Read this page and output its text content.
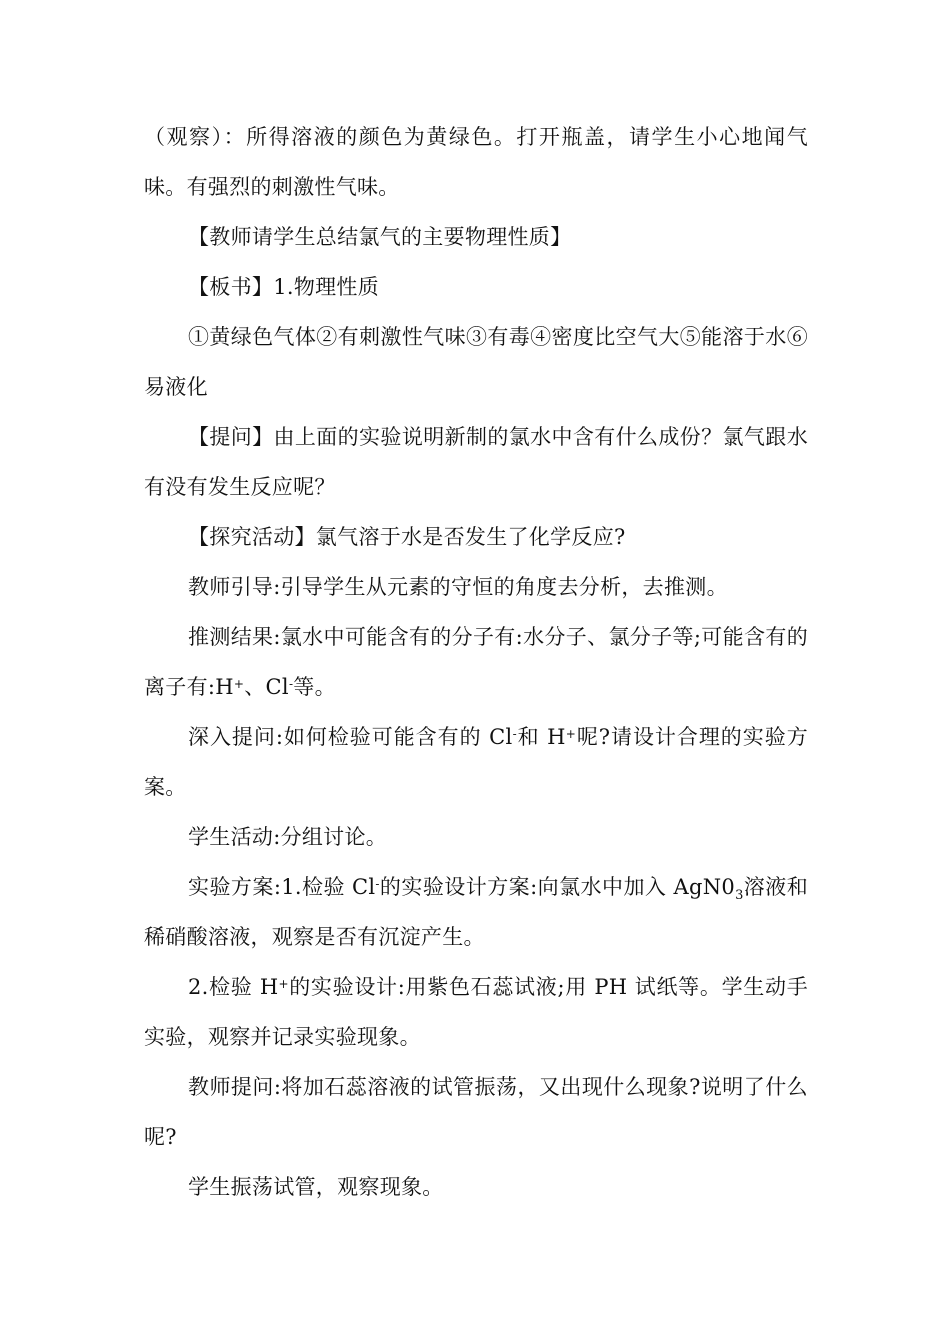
（观察）：所得溶液的颜色为黄绿色。打开瓶盖，请学生小心地闻气味。有强烈的刺激性气味。

【教师请学生总结氯气的主要物理性质】

【板书】1.物理性质

①黄绿色气体②有刺激性气味③有毒④密度比空气大⑤能溶于水⑥易液化

【提问】由上面的实验说明新制的氯水中含有什么成份？氯气跟水有没有发生反应呢？

【探究活动】氯气溶于水是否发生了化学反应?

教师引导:引导学生从元素的守恒的角度去分析，去推测。

推测结果:氯水中可能含有的分子有:水分子、氯分子等;可能含有的离子有:H+、Cl-等。

深入提问:如何检验可能含有的 Cl-和 H+呢?请设计合理的实验方案。

学生活动:分组讨论。

实验方案:1.检验 Cl-的实验设计方案:向氯水中加入 $AgN0_3$溶液和稀硝酸溶液，观察是否有沉淀产生。

2.检验 H+的实验设计:用紫色石蕊试液;用 PH 试纸等。学生动手实验，观察并记录实验现象。

教师提问:将加石蕊溶液的试管振荡，又出现什么现象?说明了什么呢?

学生振荡试管，观察现象。
